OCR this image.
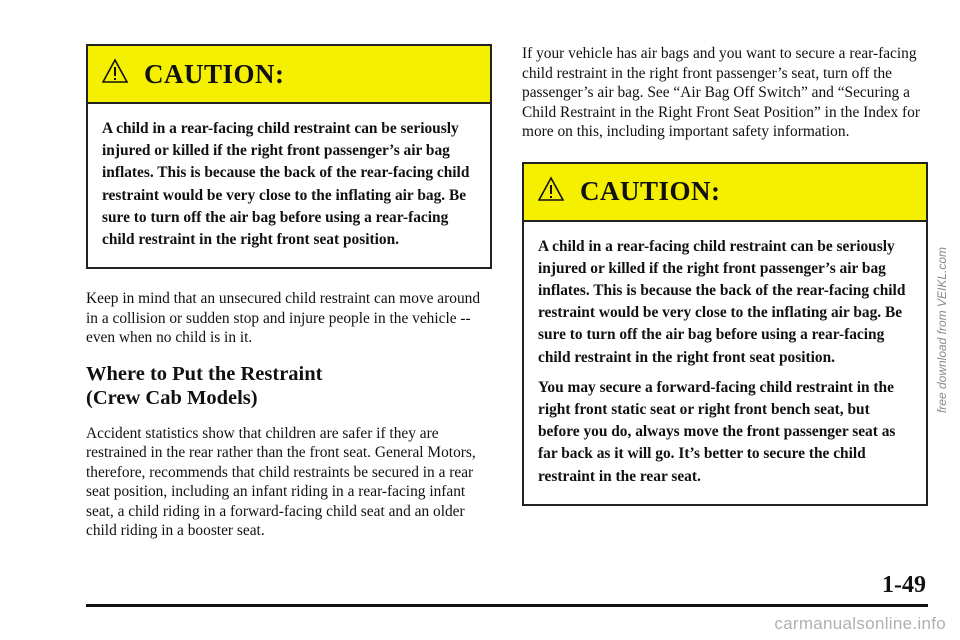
CAUTION:

A child in a rear-facing child restraint can be seriously injured or killed if the right front passenger’s air bag inflates. This is because the back of the rear-facing child restraint would be very close to the inflating air bag. Be sure to turn off the air bag before using a rear-facing child restraint in the right front seat position.

Keep in mind that an unsecured child restraint can move around in a collision or sudden stop and injure people in the vehicle -- even when no child is in it.

Where to Put the Restraint
(Crew Cab Models)

Accident statistics show that children are safer if they are restrained in the rear rather than the front seat. General Motors, therefore, recommends that child restraints be secured in a rear seat position, including an infant riding in a rear-facing infant seat, a child riding in a forward-facing child seat and an older child riding in a booster seat.

If your vehicle has air bags and you want to secure a rear-facing child restraint in the right front passenger’s seat, turn off the passenger’s air bag. See “Air Bag Off Switch” and “Securing a Child Restraint in the Right Front Seat Position” in the Index for more on this, including important safety information.

CAUTION:

A child in a rear-facing child restraint can be seriously injured or killed if the right front passenger’s air bag inflates. This is because the back of the rear-facing child restraint would be very close to the inflating air bag. Be sure to turn off the air bag before using a rear-facing child restraint in the right front seat position.

You may secure a forward-facing child restraint in the right front static seat or right front bench seat, but before you do, always move the front passenger seat as far back as it will go. It’s better to secure the child restraint in the rear seat.

1-49
free download from VEIKL.com
carmanualsonline.info
